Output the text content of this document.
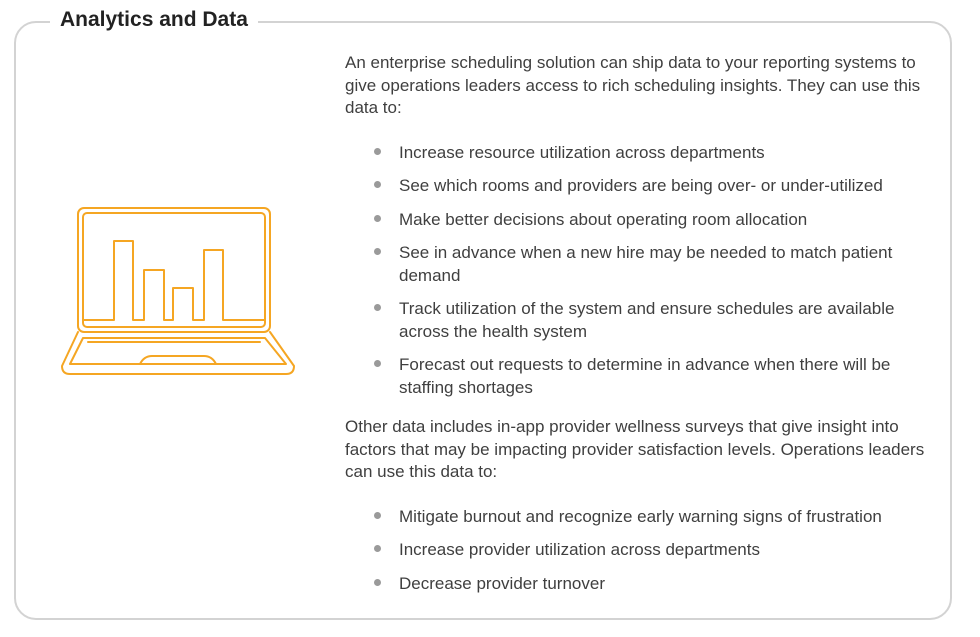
Analytics and Data

An enterprise scheduling solution can ship data to your reporting systems to give operations leaders access to rich scheduling insights. They can use this data to:

Increase resource utilization across departments
See which rooms and providers are being over- or under-utilized
Make better decisions about operating room allocation
See in advance when a new hire may be needed to match patient demand
Track utilization of the system and ensure schedules are available across the health system
Forecast out requests to determine in advance when there will be staffing shortages

Other data includes in-app provider wellness surveys that give insight into factors that may be impacting provider satisfaction levels. Operations leaders can use this data to:

Mitigate burnout and recognize early warning signs of frustration
Increase provider utilization across departments
Decrease provider turnover
